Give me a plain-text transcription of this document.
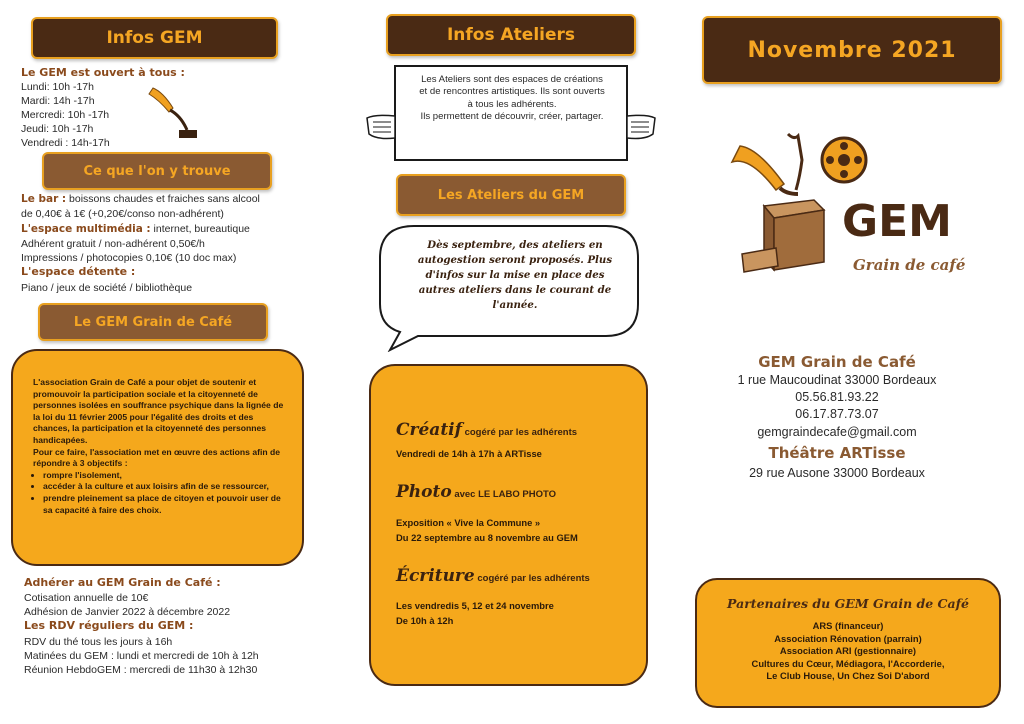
Infos GEM
Le GEM est ouvert à tous :
Lundi: 10h -17h
Mardi: 14h -17h
Mercredi: 10h -17h
Jeudi: 10h -17h
Vendredi : 14h-17h
Ce que l'on y trouve
Le bar : boissons chaudes et fraiches sans alcool
de 0,40€ à 1€ (+0,20€/conso non-adhérent)
L'espace multimédia : internet, bureautique
Adhérent gratuit / non-adhérent 0,50€/h
Impressions / photocopies 0,10€ (10 doc max)
L'espace détente :
Piano / jeux de société / bibliothèque
Le GEM Grain de Café
L'association Grain de Café a pour objet de soutenir et promouvoir la participation sociale et la citoyenneté de personnes isolées en souffrance psychique dans la lignée de la loi du 11 février 2005 pour l'égalité des droits et des chances, la participation et la citoyenneté des personnes handicapées.
Pour ce faire, l'association met en œuvre des actions afin de répondre à 3 objectifs :
• rompre l'isolement,
• accéder à la culture et aux loisirs afin de se ressourcer,
• prendre pleinement sa place de citoyen et pouvoir user de sa capacité à faire des choix.
Adhérer au GEM Grain de Café :
Cotisation annuelle de 10€
Adhésion de Janvier 2022 à décembre 2022
Les RDV réguliers du GEM :
RDV du thé tous les jours à 16h
Matinées du GEM : lundi et mercredi de 10h à 12h
Réunion HebdoGEM : mercredi de 11h30 à 12h30
Infos Ateliers
Les Ateliers sont des espaces de créations et de rencontres artistiques. Ils sont ouverts à tous les adhérents.
Ils permettent de découvrir, créer, partager.
Les Ateliers du GEM
Dès septembre, des ateliers en autogestion seront proposés. Plus d'infos sur la mise en place des autres ateliers dans le courant de l'année.
Créatif cogéré par les adhérents
Vendredi de 14h à 17h à ARTisse
Photo avec LE LABO PHOTO
Exposition « Vive la Commune »
Du 22 septembre au 8 novembre au GEM
Écriture cogéré par les adhérents
Les vendredis 5, 12 et 24 novembre
De 10h à 12h
Novembre 2021
GEM
Grain de café
GEM Grain de Café
1 rue Maucoudinat 33000 Bordeaux
05.56.81.93.22
06.17.87.73.07
gemgraindecafe@gmail.com
Théâtre ARTisse
29 rue Ausone 33000 Bordeaux
Partenaires du GEM Grain de Café
ARS (financeur)
Association Rénovation (parrain)
Association ARI (gestionnaire)
Cultures du Cœur, Médiagora, l'Accorderie,
Le Club House, Un Chez Soi D'abord
